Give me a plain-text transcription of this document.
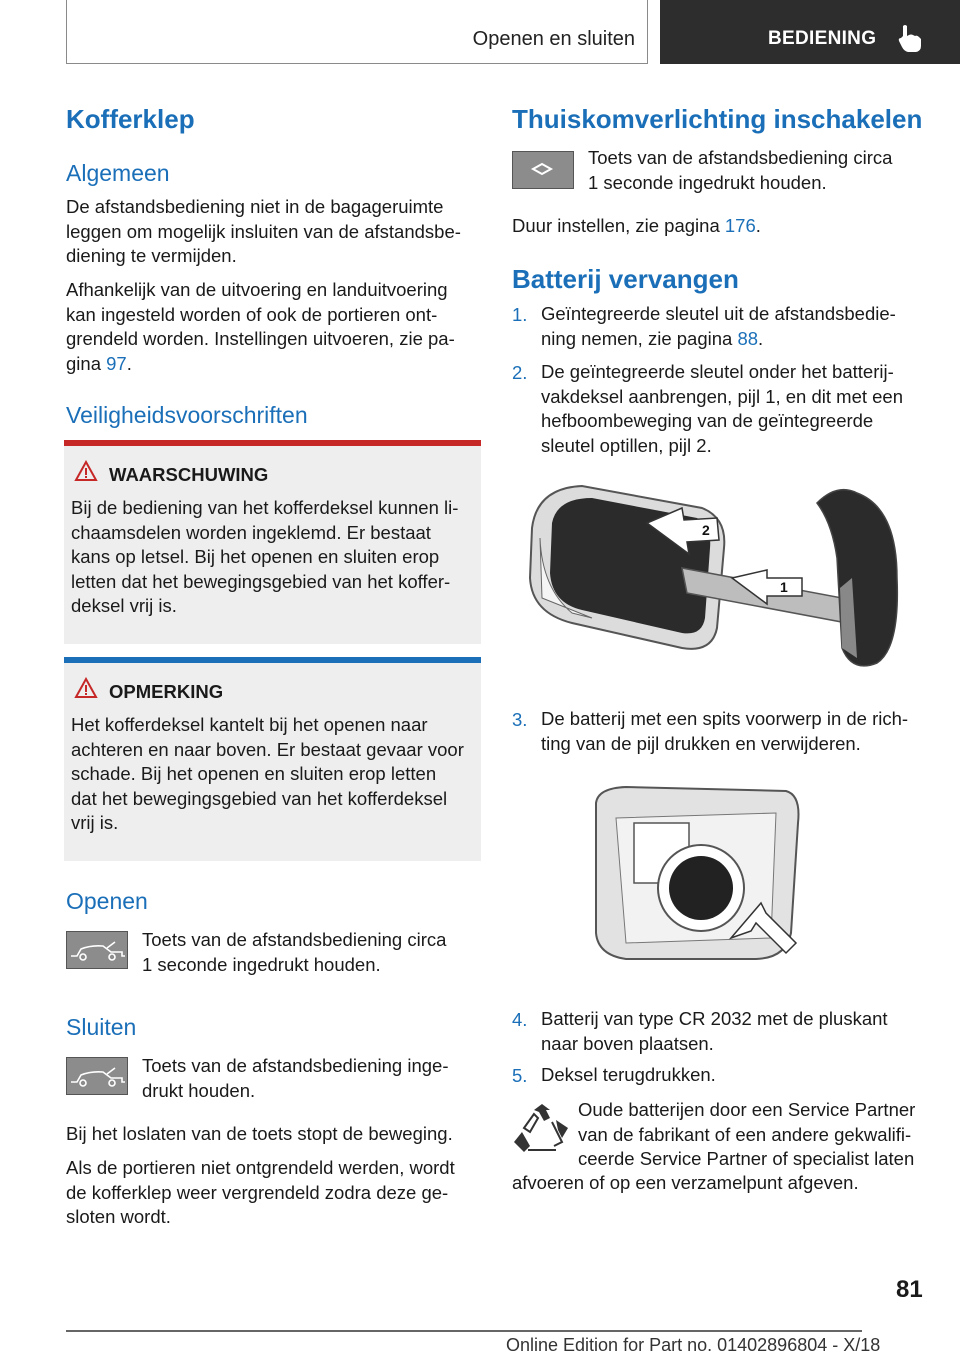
Openen en sluiten	BEDIENING
Kofferklep
Algemeen
De afstandsbediening niet in de bagageruimte
leggen om mogelijk insluiten van de afstandsbe-
diening te vermijden.
Afhankelijk van de uitvoering en landuitvoering
kan ingesteld worden of ook de portieren ont-
grendeld worden. Instellingen uitvoeren, zie pa-
gina 97.
Veiligheidsvoorschriften
WAARSCHUWING
Bij de bediening van het kofferdeksel kunnen li-
chaamsdelen worden ingeklemd. Er bestaat
kans op letsel. Bij het openen en sluiten erop
letten dat het bewegingsgebied van het koffer-
deksel vrij is.
OPMERKING
Het kofferdeksel kantelt bij het openen naar
achteren en naar boven. Er bestaat gevaar voor
schade. Bij het openen en sluiten erop letten
dat het bewegingsgebied van het kofferdeksel
vrij is.
Openen
Toets van de afstandsbediening circa
1 seconde ingedrukt houden.
Sluiten
Toets van de afstandsbediening inge-
drukt houden.
Bij het loslaten van de toets stopt de beweging.
Als de portieren niet ontgrendeld werden, wordt
de kofferklep weer vergrendeld zodra deze ge-
sloten wordt.
Thuiskomverlichting inschakelen
Toets van de afstandsbediening circa
1 seconde ingedrukt houden.
Duur instellen, zie pagina 176.
Batterij vervangen
1. Geïntegreerde sleutel uit de afstandsbedie-
ning nemen, zie pagina 88.
2. De geïntegreerde sleutel onder het batterij-
vakdeksel aanbrengen, pijl 1, en dit met een
hefboombeweging van de geïntegreerde
sleutel optillen, pijl 2.
2
1
3. De batterij met een spits voorwerp in de rich-
ting van de pijl drukken en verwijderen.
4. Batterij van type CR 2032 met de pluskant
naar boven plaatsen.
5. Deksel terugdrukken.
Oude batterijen door een Service Partner
van de fabrikant of een andere gekwalifi-
ceerde Service Partner of specialist laten
afvoeren of op een verzamelpunt afgeven.
81
Online Edition for Part no. 01402896804 - X/18
